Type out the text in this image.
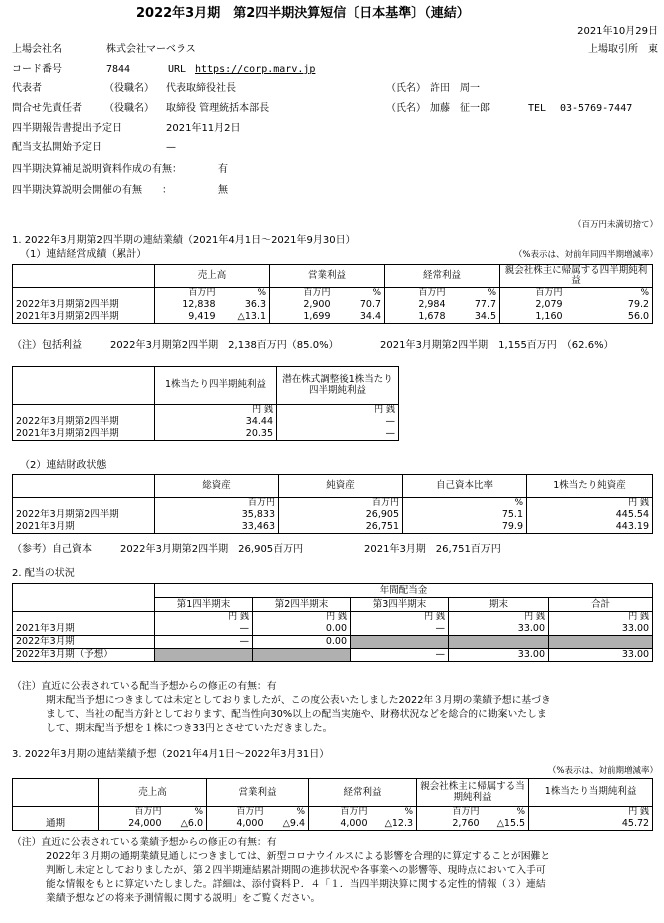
2022年3月期　第2四半期決算短信〔日本基準〕（連結）
2021年10月29日
上場会社名	株式会社マーベラス	上場取引所　東
コード番号	7844	URL https://corp.marv.jp
代表者	（役職名） 代表取締役社長	（氏名） 許田　周一
問合せ先責任者 （役職名） 取締役 管理統括本部長	（氏名） 加藤　征一郎	TEL 03-5769-7447
四半期報告書提出予定日	2021年11月2日
配当支払開始予定日	—
四半期決算補足説明資料作成の有無：	有
四半期決算説明会開催の有無　　：	無
（百万円未満切捨て）
1. 2022年3月期第2四半期の連結業績（2021年4月1日～2021年9月30日）
（1）連結経営成績（累計）	（%表示は、対前年同四半期増減率）
	売上高		営業利益		経常利益		親会社株主に帰属する四半期純利益	
	百万円	%	百万円	%	百万円	%	百万円	%
2022年3月期第2四半期	12,838	36.3	2,900	70.7	2,984	77.7	2,079	79.2
2021年3月期第2四半期	9,419	△13.1	1,699	34.4	1,678	34.5	1,160	56.0
（注）包括利益	2022年3月期第2四半期　2,138百万円（85.0%）	2021年3月期第2四半期　1,155百万円　（62.6%）
	1株当たり四半期純利益	潜在株式調整後1株当たり四半期純利益
	円 銭	円 銭
2022年3月期第2四半期	34.44	—
2021年3月期第2四半期	20.35	—
（2）連結財政状態
	総資産	純資産	自己資本比率	1株当たり純資産
	百万円	百万円	%	円 銭
2022年3月期第2四半期	35,833	26,905	75.1	445.54
2021年3月期	33,463	26,751	79.9	443.19
（参考）自己資本	2022年3月期第2四半期　26,905百万円	2021年3月期　26,751百万円
2. 配当の状況
	年間配当金				
	第1四半期末	第2四半期末	第3四半期末	期末	合計
	円 銭	円 銭	円 銭	円 銭	円 銭
2021年3月期	—	0.00	—	33.00	33.00
2022年3月期	—	0.00			
2022年3月期（予想）			—	33.00	33.00
（注）直近に公表されている配当予想からの修正の有無：有
期末配当予想につきましては未定としておりましたが、この度公表いたしました2022年３月期の業績予想に基づき
まして、当社の配当方針としております、配当性向30%以上の配当実施や、財務状況などを総合的に勘案いたしま
して、期末配当予想を１株につき33円とさせていただきました。
3. 2022年3月期の連結業績予想（2021年4月1日～2022年3月31日）
（%表示は、対前期増減率）
	売上高		営業利益		経常利益		親会社株主に帰属する当期純利益		1株当たり当期純利益
	百万円	%	百万円	%	百万円	%	百万円	%	円 銭
通期	24,000	△6.0	4,000	△9.4	4,000	△12.3	2,760	△15.5	45.72
（注）直近に公表されている業績予想からの修正の有無：有
2022年３月期の通期業績見通しにつきましては、新型コロナウイルスによる影響を合理的に算定することが困難と
判断し未定としておりましたが、第２四半期連結累計期間の進捗状況や各事業への影響等、現時点において入手可
能な情報をもとに算定いたしました。詳細は、添付資料Ｐ．４「１．当四半期決算に関する定性的情報（３）連結
業績予想などの将来予測情報に関する説明」をご覧ください。
